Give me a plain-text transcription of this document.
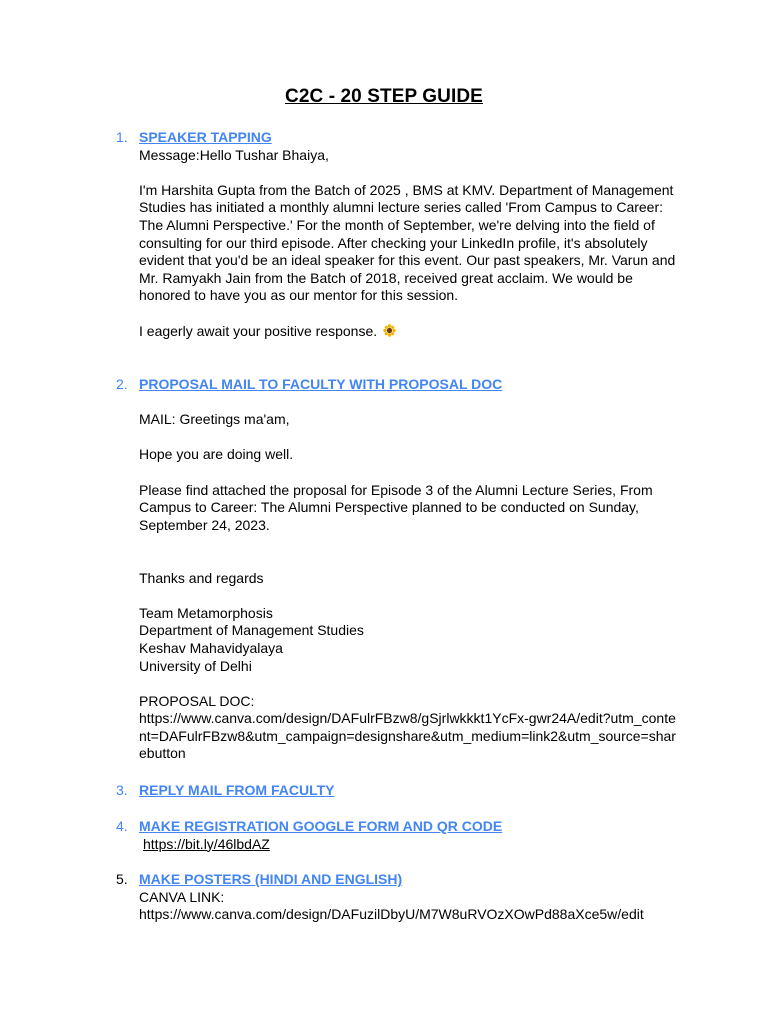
C2C - 20 STEP GUIDE
1. SPEAKER TAPPING

Message:Hello Tushar Bhaiya,

I'm Harshita Gupta from the Batch of 2025 , BMS at KMV. Department of Management Studies has initiated a monthly alumni lecture series called 'From Campus to Career: The Alumni Perspective.' For the month of September, we're delving into the field of consulting for our third episode. After checking your LinkedIn profile, it's absolutely evident that you'd be an ideal speaker for this event. Our past speakers, Mr. Varun and Mr. Ramyakh Jain from the Batch of 2018, received great acclaim. We would be honored to have you as our mentor for this session.

I eagerly await your positive response.

2. PROPOSAL MAIL TO FACULTY WITH PROPOSAL DOC

MAIL: Greetings ma'am,

Hope you are doing well.

Please find attached the proposal for Episode 3 of the Alumni Lecture Series, From Campus to Career: The Alumni Perspective planned to be conducted on Sunday, September 24, 2023.

Thanks and regards

Team Metamorphosis

Department of Management Studies

Keshav Mahavidyalaya

University of Delhi

PROPOSAL DOC:

https://www.canva.com/design/DAFulrFBzw8/gSjrlwkkkt1YcFx-gwr24A/edit?utm_content=DAFulrFBzw8&utm_campaign=designshare&utm_medium=link2&utm_source=sharebutton

3. REPLY MAIL FROM FACULTY
4. MAKE REGISTRATION GOOGLE FORM AND QR CODE

https://bit.ly/46lbdAZ

5. MAKE POSTERS (HINDI AND ENGLISH)

CANVA LINK:

https://www.canva.com/design/DAFuzilDbyU/M7W8uRVOzXOwPd88aXce5w/edit
